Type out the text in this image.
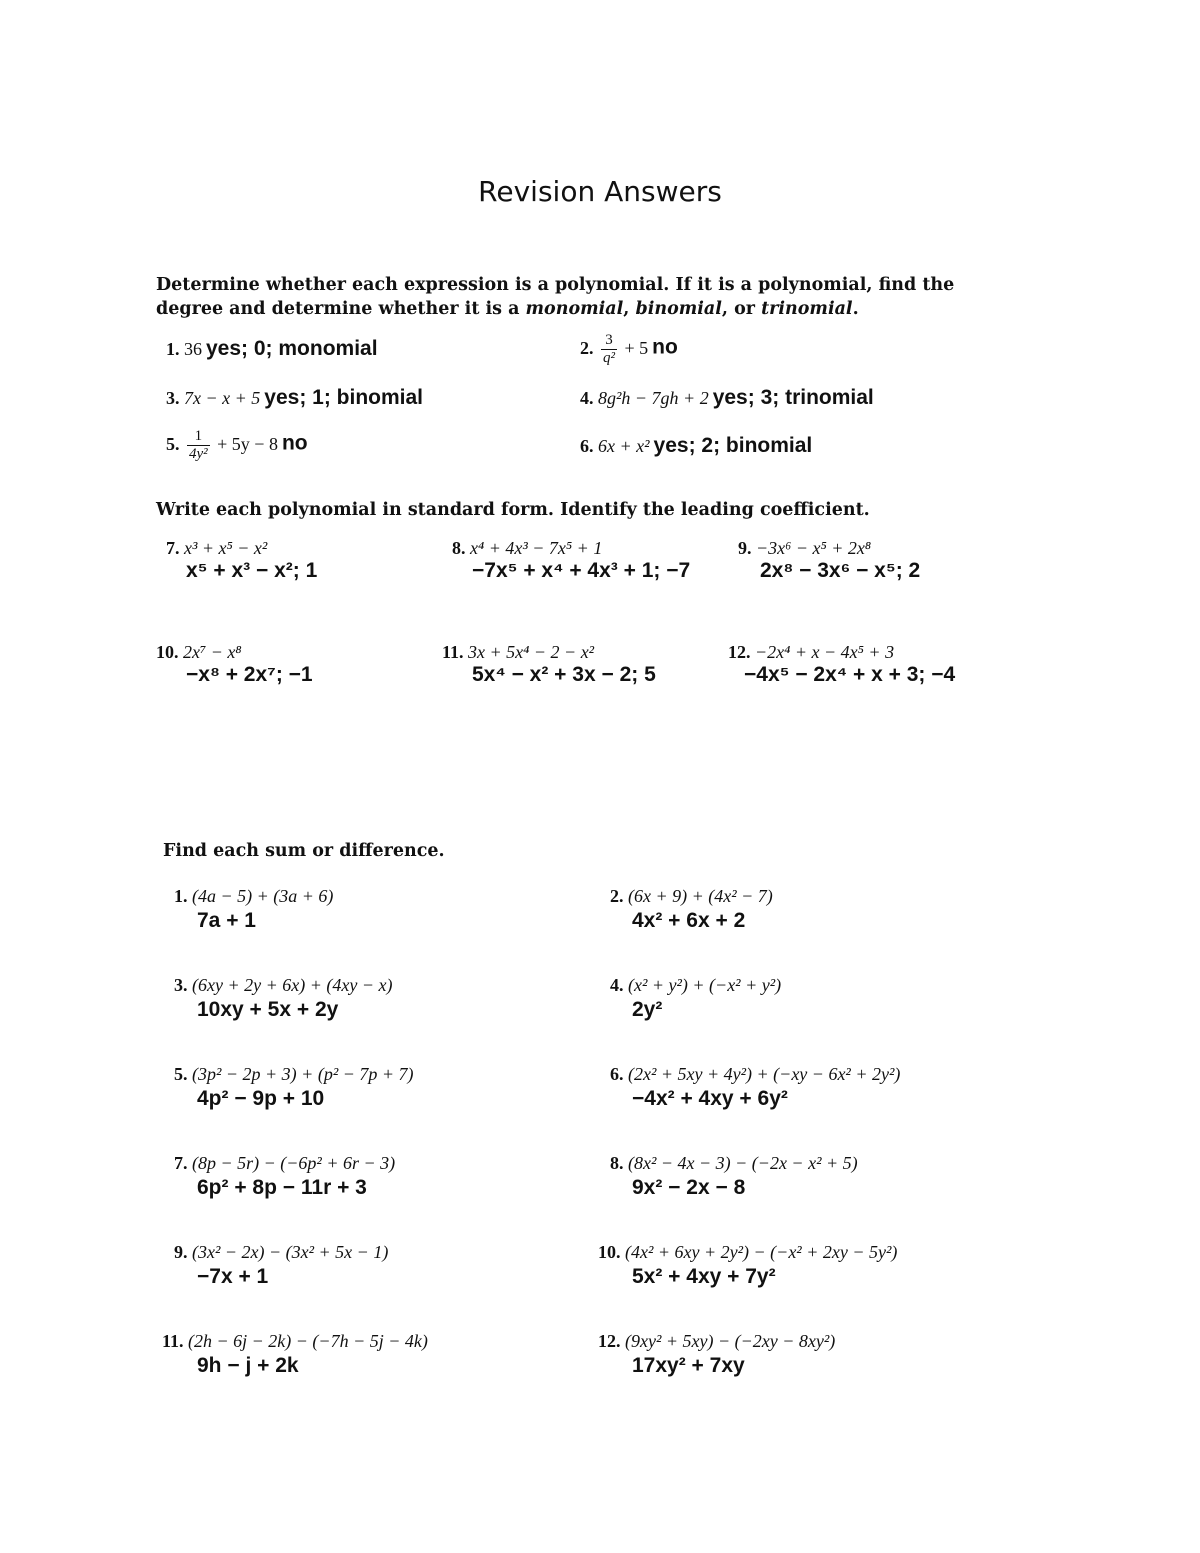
Revision Answers
Determine whether each expression is a polynomial. If it is a polynomial, find the degree and determine whether it is a monomial, binomial, or trinomial.
1. 36 yes; 0; monomial	2. $\frac{3}{\text{q²}} + 5$ no
3. 7x − x + 5 yes; 1; binomial	4. 8g²h − 7gh + 2 yes; 3; trinomial
5. $\frac{1}{\text{4y²}} + 5y - 8$ no	6. 6x + x² yes; 2; binomial
Write each polynomial in standard form. Identify the leading coefficient.
7. x³ + x⁵ − x²
x⁵ + x³ − x²; 1
8. x⁴ + 4x³ − 7x⁵ + 1
−7x⁵ + x⁴ + 4x³ + 1; −7
9. −3x⁶ − x⁵ + 2x⁸
2x⁸ − 3x⁶ − x⁵; 2
10. 2x⁷ − x⁸
−x⁸ + 2x⁷; −1
11. 3x + 5x⁴ − 2 − x²
5x⁴ − x² + 3x − 2; 5
12. −2x⁴ + x − 4x⁵ + 3
−4x⁵ − 2x⁴ + x + 3; −4
Find each sum or difference.
1. (4a − 5) + (3a + 6)
7a + 1
2. (6x + 9) + (4x² − 7)
4x² + 6x + 2
3. (6xy + 2y + 6x) + (4xy − x)
10xy + 5x + 2y
4. (x² + y²) + (−x² + y²)
2y²
5. (3p² − 2p + 3) + (p² − 7p + 7)
4p² − 9p + 10
6. (2x² + 5xy + 4y²) + (−xy − 6x² + 2y²)
−4x² + 4xy + 6y²
7. (8p − 5r) − (−6p² + 6r − 3)
6p² + 8p − 11r + 3
8. (8x² − 4x − 3) − (−2x − x² + 5)
9x² − 2x − 8
9. (3x² − 2x) − (3x² + 5x − 1)
−7x + 1
10. (4x² + 6xy + 2y²) − (−x² + 2xy − 5y²)
5x² + 4xy + 7y²
11. (2h − 6j − 2k) − (−7h − 5j − 4k)
9h − j + 2k
12. (9xy² + 5xy) − (−2xy − 8xy²)
17xy² + 7xy
